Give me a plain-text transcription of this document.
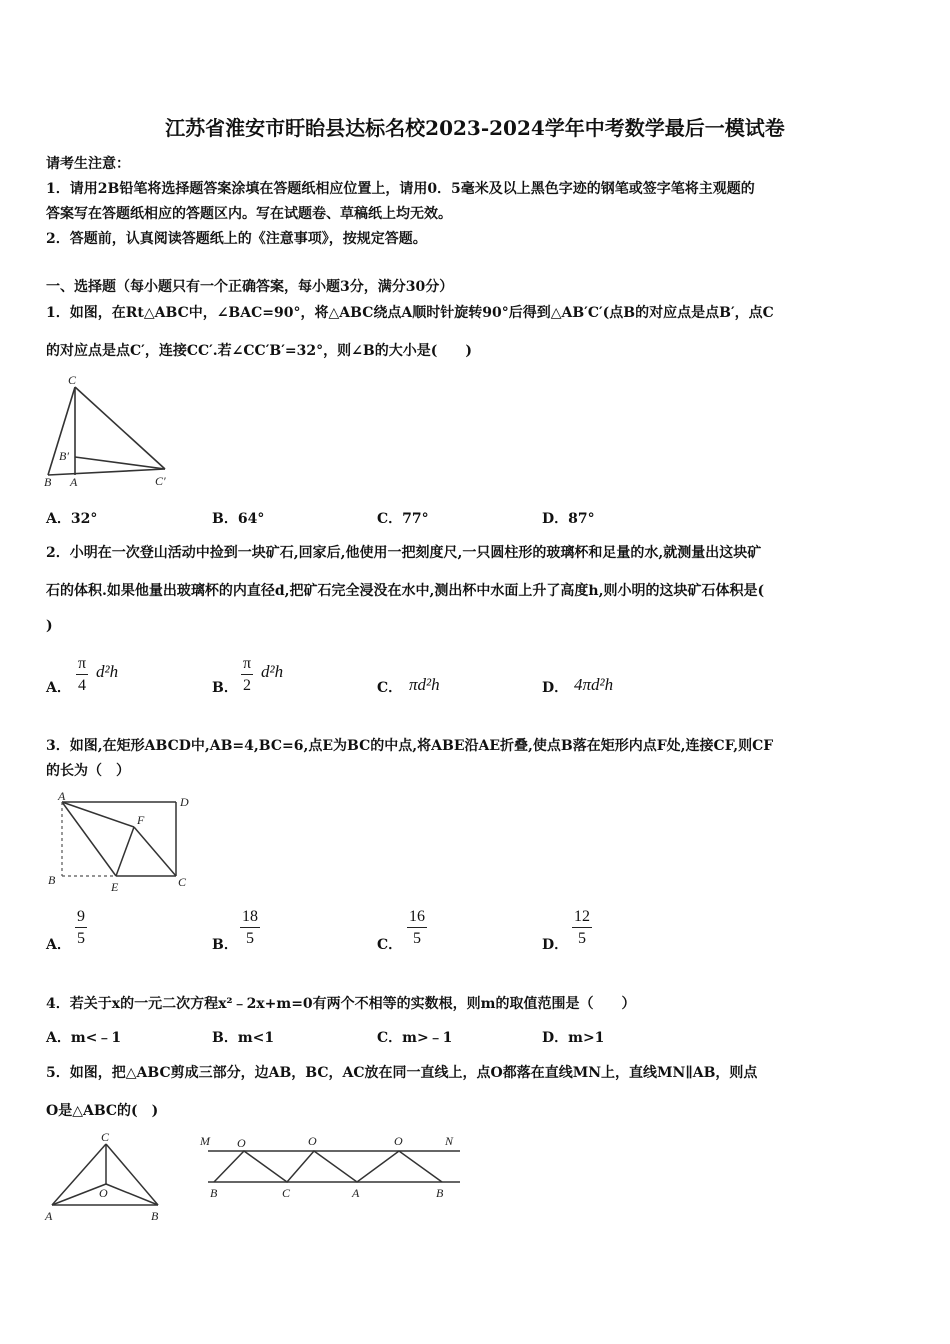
江苏省淮安市盱眙县达标名校2023-2024学年中考数学最后一模试卷
请考生注意：
1．请用2B铅笔将选择题答案涂填在答题纸相应位置上，请用0．5毫米及以上黑色字迹的钢笔或签字笔将主观题的
答案写在答题纸相应的答题区内。写在试题卷、草稿纸上均无效。
2．答题前，认真阅读答题纸上的《注意事项》，按规定答题。
一、选择题（每小题只有一个正确答案，每小题3分，满分30分）
1．如图，在Rt△ABC中，∠BAC=90°，将△ABC绕点A顺时针旋转90°后得到△AB′C′(点B的对应点是点B′，点C
的对应点是点C′，连接CC′.若∠CC′B′=32°，则∠B的大小是(　　)
C
B′
B A	C′
A．32°	B．64°	C．77°	D．87°
2．小明在一次登山活动中捡到一块矿石,回家后,他使用一把刻度尺,一只圆柱形的玻璃杯和足量的水,就测量出这块矿
石的体积.如果他量出玻璃杯的内直径d,把矿石完全浸没在水中,测出杯中水面上升了高度h,则小明的这块矿石体积是(
)
A． $\frac{\pi}{4} d^2h$
B． $\frac{\pi}{2} d^2h$
C． πd²h	D． 4πd²h
3．如图,在矩形ABCD中,AB=4,BC=6,点E为BC的中点,将ABE沿AE折叠,使点B落在矩形内点F处,连接CF,则CF
的长为（　）
A	D
F
B	E	C
A． $\frac{9}{5}$	B． $\frac{18}{5}$	C． $\frac{16}{5}$	D． $\frac{12}{5}$
4．若关于x的一元二次方程x²﹣2x+m=0有两个不相等的实数根，则m的取值范围是（　　）
A．m<﹣1	B．m<1	C．m>﹣1	D．m>1
5．如图，把△ABC剪成三部分，边AB，BC，AC放在同一直线上，点O都落在直线MN上，直线MN∥AB，则点
O是△ABC的(　)
C
O
A	B
M O	O	O	N
B	C	A	B
